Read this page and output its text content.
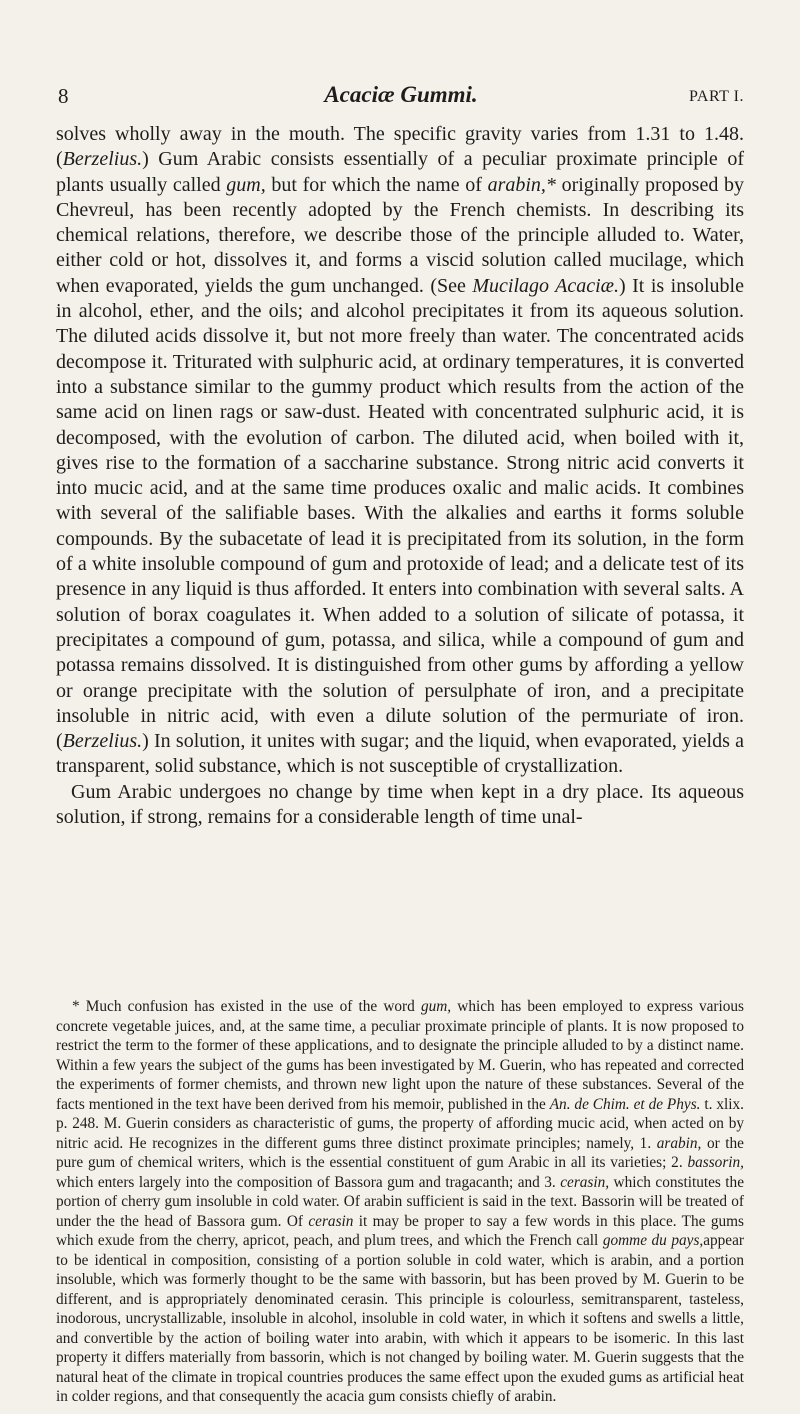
8	Acaciæ Gummi.	PART I.

solves wholly away in the mouth. The specific gravity varies from 1.31 to 1.48. (Berzelius.) Gum Arabic consists essentially of a peculiar proximate principle of plants usually called gum, but for which the name of arabin,* originally proposed by Chevreul, has been recently adopted by the French chemists. In describing its chemical relations, therefore, we describe those of the principle alluded to. Water, either cold or hot, dissolves it, and forms a viscid solution called mucilage, which when evaporated, yields the gum unchanged. (See Mucilago Acaciæ.) It is insoluble in alcohol, ether, and the oils; and alcohol precipitates it from its aqueous solution. The diluted acids dissolve it, but not more freely than water. The concentrated acids decompose it. Triturated with sulphuric acid, at ordinary temperatures, it is converted into a substance similar to the gummy product which results from the action of the same acid on linen rags or saw-dust. Heated with concentrated sulphuric acid, it is decomposed, with the evolution of carbon. The diluted acid, when boiled with it, gives rise to the formation of a saccharine substance. Strong nitric acid converts it into mucic acid, and at the same time produces oxalic and malic acids. It combines with several of the salifiable bases. With the alkalies and earths it forms soluble compounds. By the subacetate of lead it is precipitated from its solution, in the form of a white insoluble compound of gum and protoxide of lead; and a delicate test of its presence in any liquid is thus afforded. It enters into combination with several salts. A solution of borax coagulates it. When added to a solution of silicate of potassa, it precipitates a compound of gum, potassa, and silica, while a compound of gum and potassa remains dissolved. It is distinguished from other gums by affording a yellow or orange precipitate with the solution of persulphate of iron, and a precipitate insoluble in nitric acid, with even a dilute solution of the permuriate of iron. (Berzelius.) In solution, it unites with sugar; and the liquid, when evaporated, yields a transparent, solid substance, which is not susceptible of crystallization.

Gum Arabic undergoes no change by time when kept in a dry place. Its aqueous solution, if strong, remains for a considerable length of time unal-

* Much confusion has existed in the use of the word gum, which has been employed to express various concrete vegetable juices, and, at the same time, a peculiar proximate principle of plants. It is now proposed to restrict the term to the former of these applications, and to designate the principle alluded to by a distinct name. Within a few years the subject of the gums has been investigated by M. Guerin, who has repeated and corrected the experiments of former chemists, and thrown new light upon the nature of these substances. Several of the facts mentioned in the text have been derived from his memoir, published in the An. de Chim. et de Phys. t. xlix. p. 248. M. Guerin considers as characteristic of gums, the property of affording mucic acid, when acted on by nitric acid. He recognizes in the different gums three distinct proximate principles; namely, 1. arabin, or the pure gum of chemical writers, which is the essential constituent of gum Arabic in all its varieties; 2. bassorin, which enters largely into the composition of Bassora gum and tragacanth; and 3. cerasin, which constitutes the portion of cherry gum insoluble in cold water. Of arabin sufficient is said in the text. Bassorin will be treated of under the the head of Bassora gum. Of cerasin it may be proper to say a few words in this place. The gums which exude from the cherry, apricot, peach, and plum trees, and which the French call gomme du pays,appear to be identical in composition, consisting of a portion soluble in cold water, which is arabin, and a portion insoluble, which was formerly thought to be the same with bassorin, but has been proved by M. Guerin to be different, and is appropriately denominated cerasin. This principle is colourless, semitransparent, tasteless, inodorous, uncrystallizable, insoluble in alcohol, insoluble in cold water, in which it softens and swells a little, and convertible by the action of boiling water into arabin, with which it appears to be isomeric. In this last property it differs materially from bassorin, which is not changed by boiling water. M. Guerin suggests that the natural heat of the climate in tropical countries produces the same effect upon the exuded gums as artificial heat in colder regions, and that consequently the acacia gum consists chiefly of arabin.
